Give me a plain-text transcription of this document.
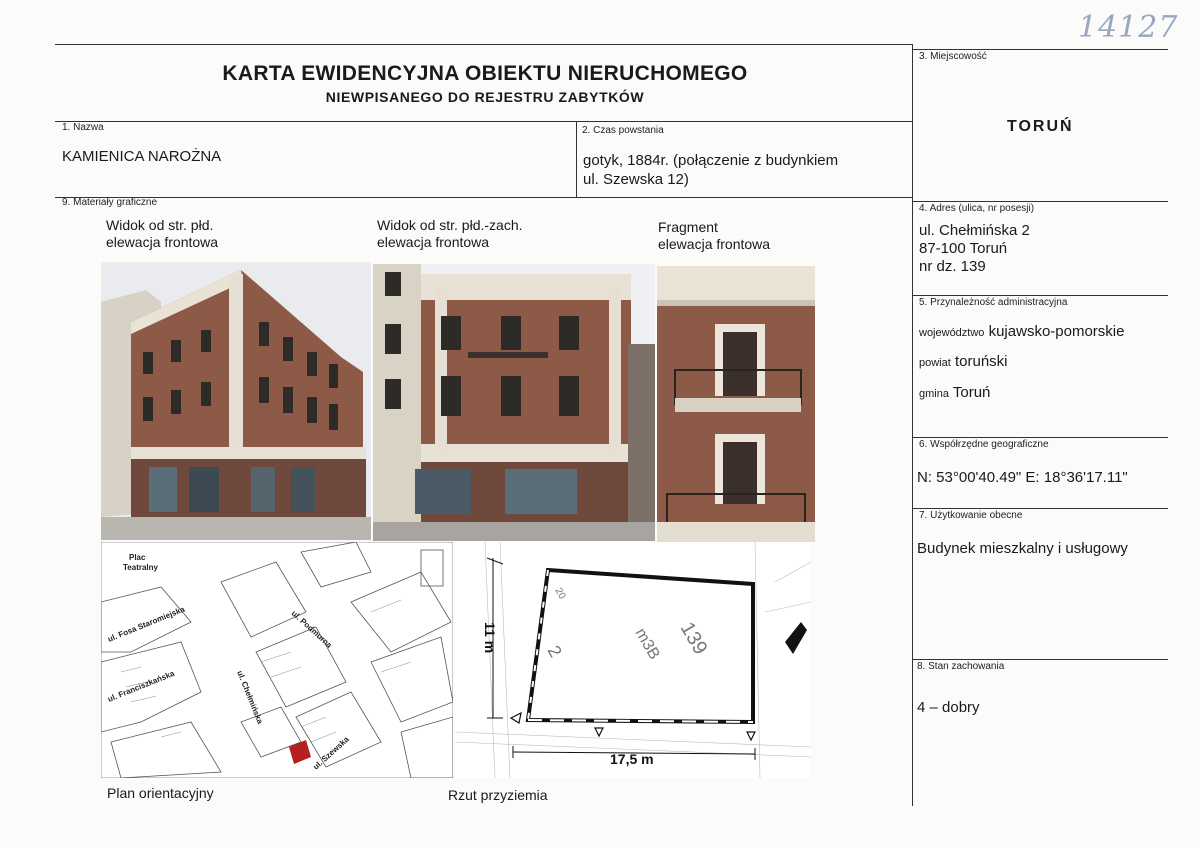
14127
KARTA EWIDENCYJNA OBIEKTU NIERUCHOMEGO
NIEWPISANEGO DO REJESTRU ZABYTKÓW
1. Nazwa
KAMIENICA NAROŻNA
2. Czas powstania
gotyk, 1884r. (połączenie z budynkiem
ul. Szewska 12)
3. Miejscowość
TORUŃ
4. Adres (ulica, nr posesji)
ul. Chełmińska 2
87-100 Toruń
nr dz. 139
5. Przynależność administracyjna
województwo kujawsko-pomorskie
powiat toruński
gmina Toruń
6. Współrzędne geograficzne
N: 53°00'40.49" E: 18°36'17.11"
7. Użytkowanie obecne
Budynek mieszkalny i usługowy
8. Stan zachowania
4 – dobry
9. Materiały graficzne
Widok od str. płd.
elewacja frontowa
Widok od str. płd.-zach.
elewacja frontowa
Fragment
elewacja frontowa
Plan orientacyjny	Rzut przyziemia
Plac
Teatralny
ul. Fosa Staromiejska	ul. Podmurna
ul. Franciszkańska	ul. Chełmińska
ul. Szewska	17,5 m
11 m	139
2	m3B
20
